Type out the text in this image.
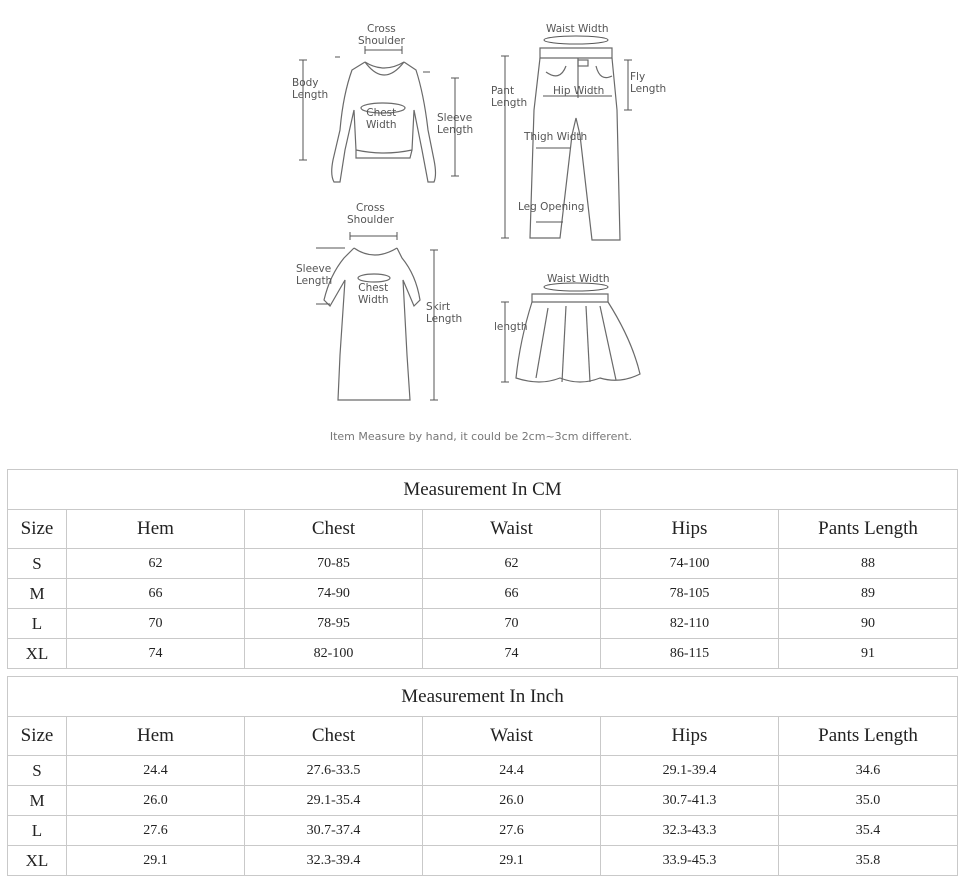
Cross
Shoulder
Body
Length
Chest
Width
Sleeve
Length
Waist Width
Pant
Length
Hip Width
Fly
Length
Thigh Width
Leg Opening
Cross
Shoulder
Sleeve
Length
Chest
Width
Skirt
Length
Waist Width
length
Item Measure by hand, it could be 2cm~3cm different.
Measurement In CM					
Size	Hem	Chest	Waist	Hips	Pants Length
S	62	70-85	62	74-100	88
M	66	74-90	66	78-105	89
L	70	78-95	70	82-110	90
XL	74	82-100	74	86-115	91
Measurement In Inch					
Size	Hem	Chest	Waist	Hips	Pants Length
S	24.4	27.6-33.5	24.4	29.1-39.4	34.6
M	26.0	29.1-35.4	26.0	30.7-41.3	35.0
L	27.6	30.7-37.4	27.6	32.3-43.3	35.4
XL	29.1	32.3-39.4	29.1	33.9-45.3	35.8
